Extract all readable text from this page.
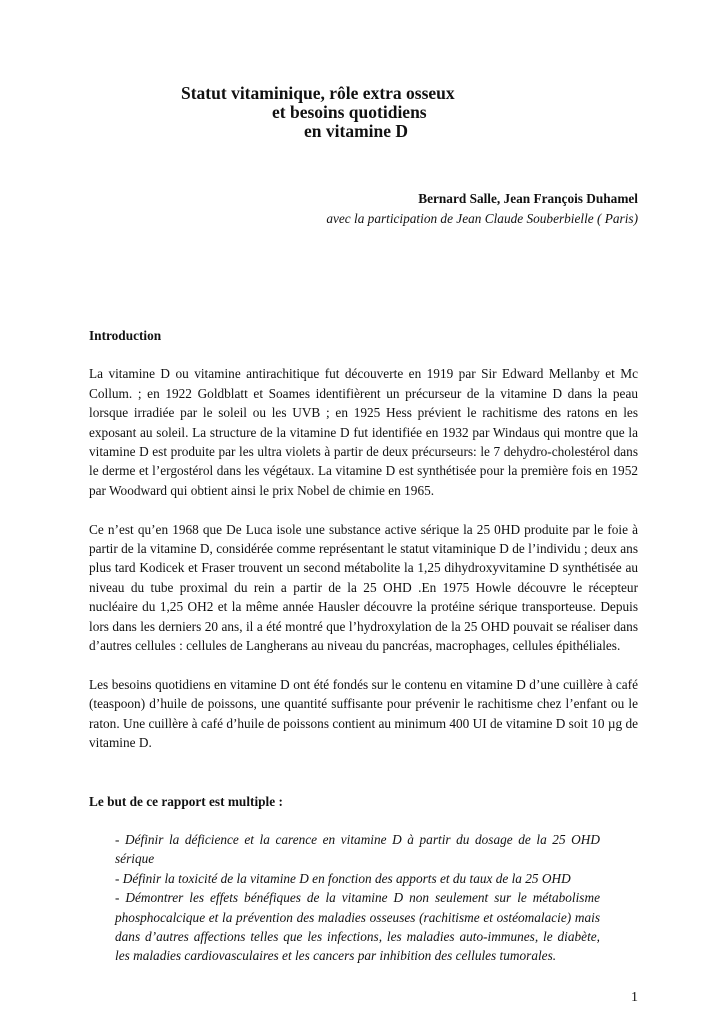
Statut vitaminique, rôle extra osseux
et besoins quotidiens
en vitamine D
Bernard Salle, Jean François Duhamel
avec la participation de Jean Claude Souberbielle ( Paris)
Introduction

La vitamine D ou vitamine antirachitique fut découverte en 1919 par Sir Edward Mellanby et Mc Collum. ; en 1922 Goldblatt et Soames identifièrent un précurseur de la vitamine D dans la peau lorsque irradiée par le soleil ou les UVB ; en 1925 Hess prévient le rachitisme des ratons en les exposant au soleil. La structure de la vitamine D fut identifiée en 1932 par Windaus qui montre que la vitamine D est produite par les ultra violets à partir de deux précurseurs: le 7 dehydro-cholestérol dans le derme et l’ergostérol dans les végétaux. La vitamine D est synthétisée pour la première fois en 1952 par Woodward qui obtient ainsi le prix Nobel de chimie en 1965.

Ce n’est qu’en 1968 que De Luca isole une substance active sérique la 25 0HD produite par le foie à partir de la vitamine D, considérée comme représentant le statut vitaminique D de l’individu ; deux ans plus tard Kodicek et Fraser trouvent un second métabolite la 1,25 dihydroxyvitamine D synthétisée au niveau du tube proximal du rein a partir de la 25 OHD .En 1975 Howle découvre le récepteur nucléaire du 1,25 OH2 et la même année Hausler découvre la protéine sérique transporteuse. Depuis lors dans les derniers 20 ans, il a été montré que l’hydroxylation de la 25 OHD pouvait se réaliser dans d’autres cellules : cellules de Langherans au niveau du pancréas, macrophages, cellules épithéliales.

Les besoins quotidiens en vitamine D ont été fondés sur le contenu en vitamine D d’une cuillère à café (teaspoon) d’huile de poissons, une quantité suffisante pour prévenir le rachitisme chez l’enfant ou le raton. Une cuillère à café d’huile de poissons contient au minimum 400 UI de vitamine D soit 10 µg de vitamine D.

Le but de ce rapport est multiple :
- Définir la déficience et la carence en vitamine D à partir du dosage de la 25 OHD sérique
- Définir la toxicité de la vitamine D en fonction des apports et du taux de la 25 OHD
- Démontrer les effets bénéfiques de la vitamine D non seulement sur le métabolisme phosphocalcique et la prévention des maladies osseuses (rachitisme et ostéomalacie) mais dans d’autres affections telles que les infections, les maladies auto-immunes, le diabète, les maladies cardiovasculaires et les cancers par inhibition des cellules tumorales.
1
